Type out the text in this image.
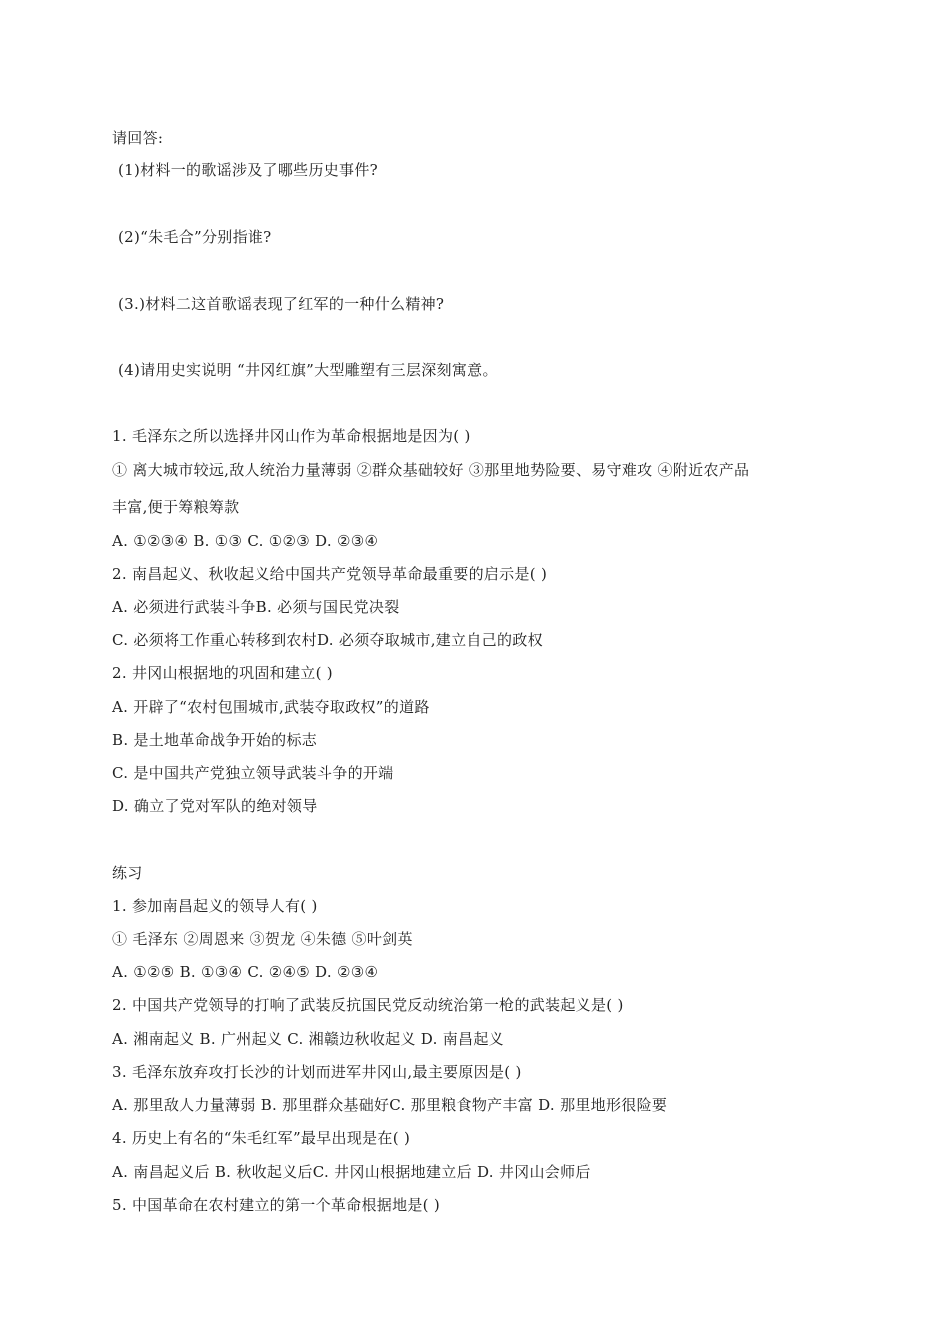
请回答:
(1)材料一的歌谣涉及了哪些历史事件?
(2)“朱毛合”分别指谁?
(3.)材料二这首歌谣表现了红军的一种什么精神?
(4)请用史实说明 “井冈红旗”大型雕塑有三层深刻寓意。
1. 毛泽东之所以选择井冈山作为革命根据地是因为( )
① 离大城市较远,敌人统治力量薄弱 ②群众基础较好 ③那里地势险要、易守难攻 ④附近农产品
丰富,便于筹粮筹款
A. ①②③④ B. ①③ C. ①②③ D. ②③④
2. 南昌起义、秋收起义给中国共产党领导革命最重要的启示是( )
A. 必须进行武装斗争B. 必须与国民党决裂
C. 必须将工作重心转移到农村D. 必须夺取城市,建立自己的政权
2. 井冈山根据地的巩固和建立( )
A. 开辟了“农村包围城市,武装夺取政权”的道路
B. 是土地革命战争开始的标志
C. 是中国共产党独立领导武装斗争的开端
D. 确立了党对军队的绝对领导
练习
1. 参加南昌起义的领导人有( )
① 毛泽东 ②周恩来 ③贺龙 ④朱德 ⑤叶剑英
A. ①②⑤ B. ①③④ C. ②④⑤ D. ②③④
2. 中国共产党领导的打响了武装反抗国民党反动统治第一枪的武装起义是( )
A. 湘南起义 B. 广州起义 C. 湘赣边秋收起义 D. 南昌起义
3. 毛泽东放弃攻打长沙的计划而进军井冈山,最主要原因是( )
A. 那里敌人力量薄弱 B. 那里群众基础好C. 那里粮食物产丰富 D. 那里地形很险要
4. 历史上有名的“朱毛红军”最早出现是在( )
A. 南昌起义后 B. 秋收起义后C. 井冈山根据地建立后 D. 井冈山会师后
5. 中国革命在农村建立的第一个革命根据地是( )
